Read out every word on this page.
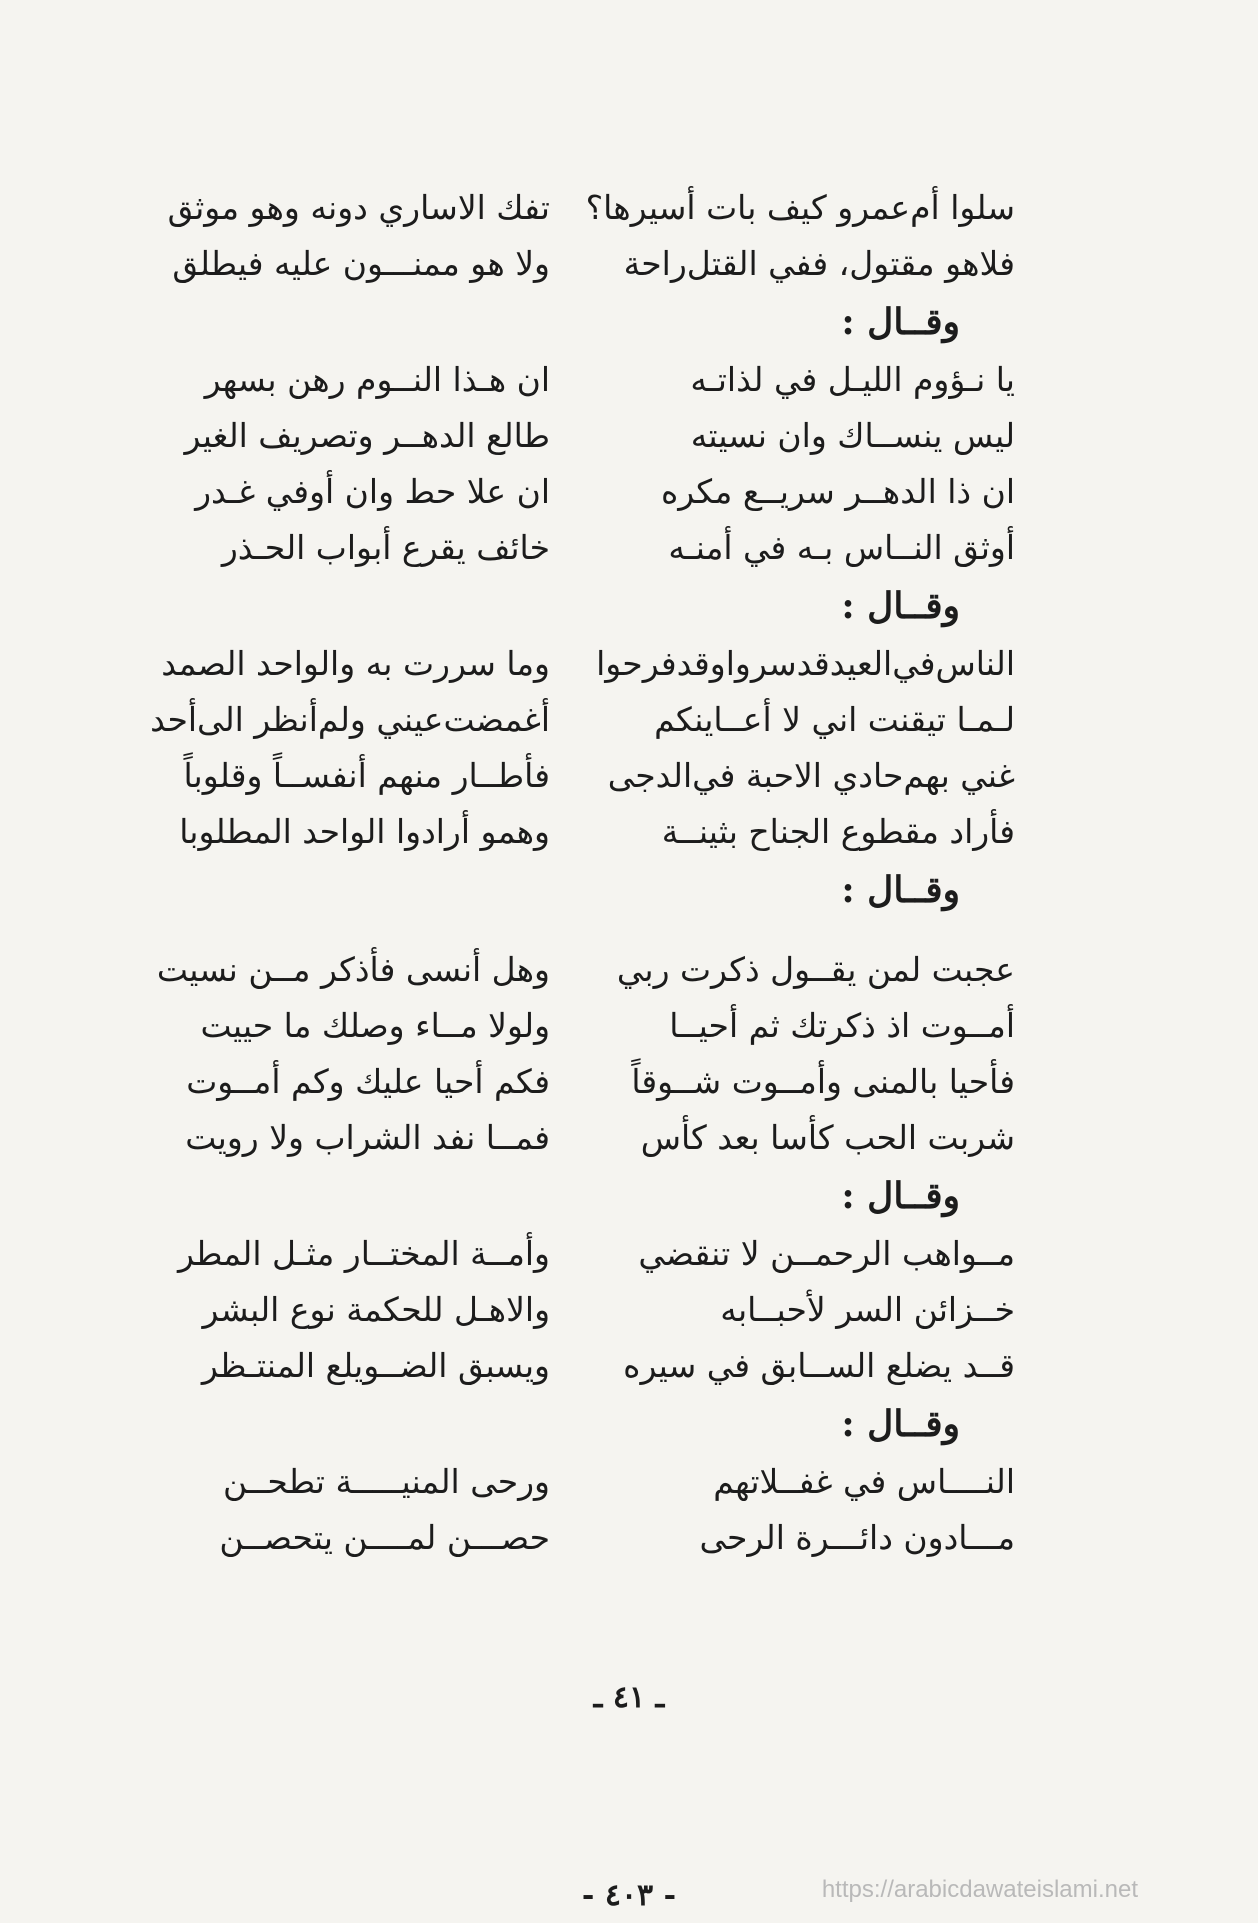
سلوا أم‌عمرو كيف بات أسيرها؟
تفك الاساري دونه وهو موثق
فلاهو مقتول، ففي القتل‌راحة
ولا هو ممنـــون عليه فيطلق
وقــال :
يا نـؤوم الليـل في لذاتـه
ان هـذا النــوم رهن بسهر
ليس ينســاك وان نسيته
طالع الدهــر وتصريف الغير
ان ذا الدهــر سريــع مكره
ان علا حط وان أوفي غـدر
أوثق النــاس بـه في أمنـه
خائف يقرع أبواب الحـذر
وقــال :
الناس‌في‌العيدقدسرواوقدفرحوا
وما سررت به والواحد الصمد
لـمـا تيقنت اني لا أعــاينكم
أغمضت‌عيني ولم‌أنظر الى‌أحد
غني بهم‌حادي الاحبة في‌الدجى
فأطــار منهم أنفســاً وقلوباً
فأراد مقطوع الجناح بثينــة
وهمو أرادوا الواحد المطلوبا
وقــال :
عجبت لمن يقــول ذكرت ربي
وهل أنسى فأذكر مــن نسيت
أمــوت اذ ذكرتك ثم أحيــا
ولولا مــاء وصلك ما حييت
فأحيا بالمنى وأمــوت شــوقاً
فكم أحيا عليك وكم أمــوت
شربت الحب كأسا بعد كأس
فمــا نفد الشراب ولا رويت
وقــال :
مــواهب الرحمــن لا تنقضي
وأمــة المختــار مثـل المطر
خــزائن السر لأحبــابه
والاهـل للحكمة نوع البشر
قــد يضلع الســابق في سيره
ويسبق الضــويلع المنتـظر
وقــال :
النــــاس في غفــلاتهم
ورحى المنيـــــة تطحــن
مـــادون دائـــرة الرحى
حصـــن لمــــن يتحصــن
ـ ٤١ ـ
- ٤٠٣ -	https://arabicdawateislami.net
